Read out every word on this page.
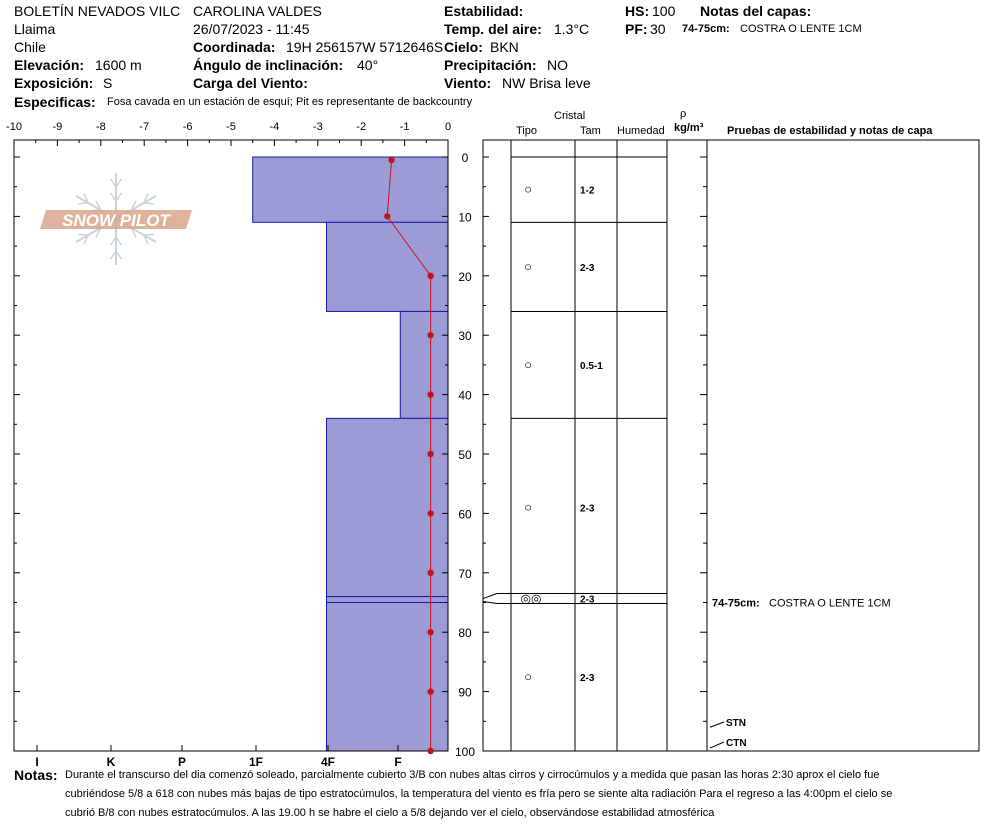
BOLETÍN NEVADOS VILC CAROLINA VALDES
Llaima	26/07/2023 - 11:45
Chile	Coordinada: 19H 256157W 5712646S
Elevación: 1600 m	Ángulo de inclinación: 40°
Exposición: S	Carga del Viento:
Estabilidad:
Temp. del aire: 1.3°C
Cielo: BKN
Precipitación: NO
Viento: NW Brisa leve
HS: 100
PF: 30
Notas del capas:
74-75cm: COSTRA O LENTE 1CM
Especificas: Fosa cavada en un estación de esquí; Pit es representante de backcountry
Cristal	ρ
Tipo	Tam Humedad kg/m³ Pruebas de estabilidad y notas de capa
SNOW PILOT
-10	-9	-8	-7	-6	-5	-4	-3	-2	-1	0
0
10
20
30
40
50
60
70
80
90
100
I	K	P	1F	4F	F
○	1-2
○	2-3
○	0.5-1
○	2-3
◎◎	2-3	74-75cm: COSTRA O LENTE 1CM
○	2-3
STN
CTN
Notas: Durante el transcurso del dia comenzó soleado, parcialmente cubierto 3/B con nubes altas cirros y cirrocúmulos y a medida que pasan las horas 2:30 aprox el cielo fue
cubriéndose 5/8 a 618 con nubes más bajas de tipo estratocúmulos, la temperatura del viento es fría pero se siente alta radiación Para el regreso a las 4:00pm el cielo se
cubrió B/8 con nubes estratocúmulos. A las 19.00 h se habre el cielo a 5/8 dejando ver el cielo, observándose estabilidad atmosférica
